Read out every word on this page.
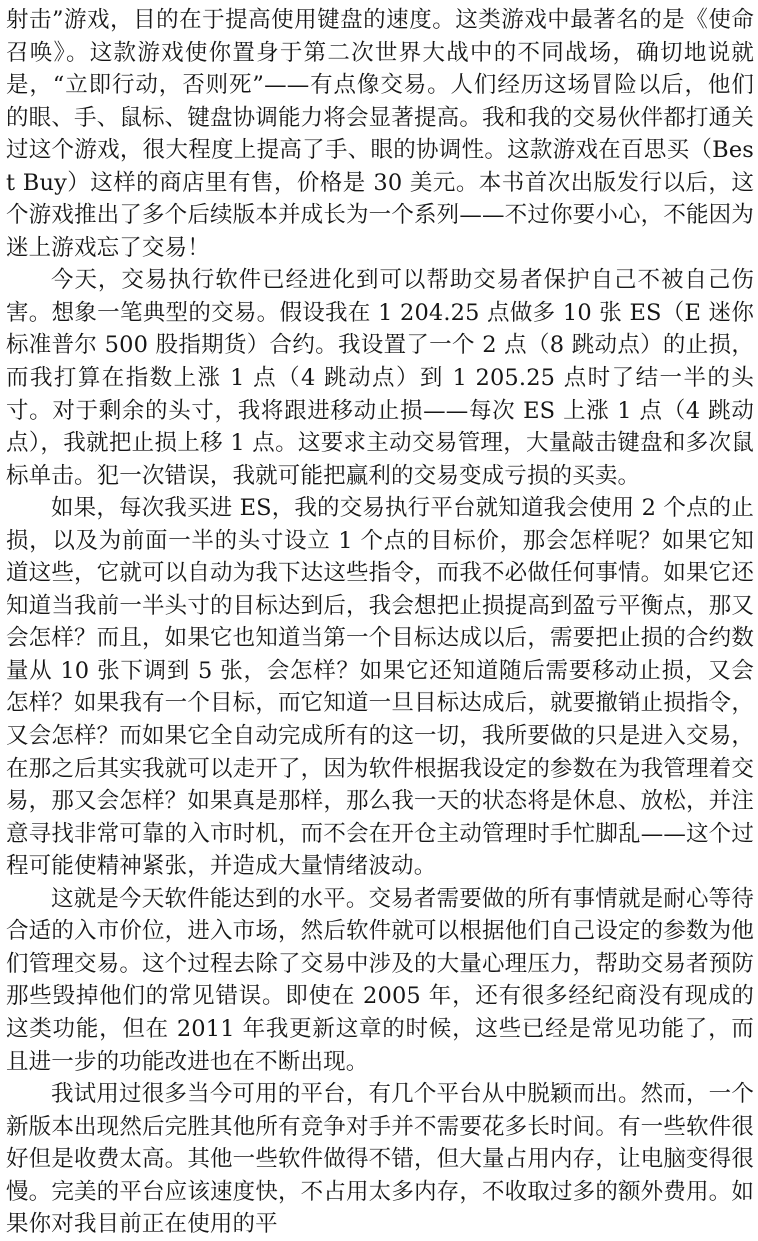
射击”游戏，目的在于提高使用键盘的速度。这类游戏中最著名的是《使命召唤》。这款游戏使你置身于第二次世界大战中的不同战场，确切地说就是，“立即行动，否则死”——有点像交易。人们经历这场冒险以后，他们的眼、手、鼠标、键盘协调能力将会显著提高。我和我的交易伙伴都打通关过这个游戏，很大程度上提高了手、眼的协调性。这款游戏在百思买（Best Buy）这样的商店里有售，价格是 30 美元。本书首次出版发行以后，这个游戏推出了多个后续版本并成长为一个系列——不过你要小心，不能因为迷上游戏忘了交易！

今天，交易执行软件已经进化到可以帮助交易者保护自己不被自己伤害。想象一笔典型的交易。假设我在 1 204.25 点做多 10 张 ES（E 迷你标准普尔 500 股指期货）合约。我设置了一个 2 点（8 跳动点）的止损，而我打算在指数上涨 1 点（4 跳动点）到 1 205.25 点时了结一半的头寸。对于剩余的头寸，我将跟进移动止损——每次 ES 上涨 1 点（4 跳动点），我就把止损上移 1 点。这要求主动交易管理，大量敲击键盘和多次鼠标单击。犯一次错误，我就可能把赢利的交易变成亏损的买卖。

如果，每次我买进 ES，我的交易执行平台就知道我会使用 2 个点的止损，以及为前面一半的头寸设立 1 个点的目标价，那会怎样呢？如果它知道这些，它就可以自动为我下达这些指令，而我不必做任何事情。如果它还知道当我前一半头寸的目标达到后，我会想把止损提高到盈亏平衡点，那又会怎样？而且，如果它也知道当第一个目标达成以后，需要把止损的合约数量从 10 张下调到 5 张，会怎样？如果它还知道随后需要移动止损，又会怎样？如果我有一个目标，而它知道一旦目标达成后，就要撤销止损指令，又会怎样？而如果它全自动完成所有的这一切，我所要做的只是进入交易，在那之后其实我就可以走开了，因为软件根据我设定的参数在为我管理着交易，那又会怎样？如果真是那样，那么我一天的状态将是休息、放松，并注意寻找非常可靠的入市时机，而不会在开仓主动管理时手忙脚乱——这个过程可能使精神紧张，并造成大量情绪波动。

这就是今天软件能达到的水平。交易者需要做的所有事情就是耐心等待合适的入市价位，进入市场，然后软件就可以根据他们自己设定的参数为他们管理交易。这个过程去除了交易中涉及的大量心理压力，帮助交易者预防那些毁掉他们的常见错误。即使在 2005 年，还有很多经纪商没有现成的这类功能，但在 2011 年我更新这章的时候，这些已经是常见功能了，而且进一步的功能改进也在不断出现。

我试用过很多当今可用的平台，有几个平台从中脱颖而出。然而，一个新版本出现然后完胜其他所有竞争对手并不需要花多长时间。有一些软件很好但是收费太高。其他一些软件做得不错，但大量占用内存，让电脑变得很慢。完美的平台应该速度快，不占用太多内存，不收取过多的额外费用。如果你对我目前正在使用的平
